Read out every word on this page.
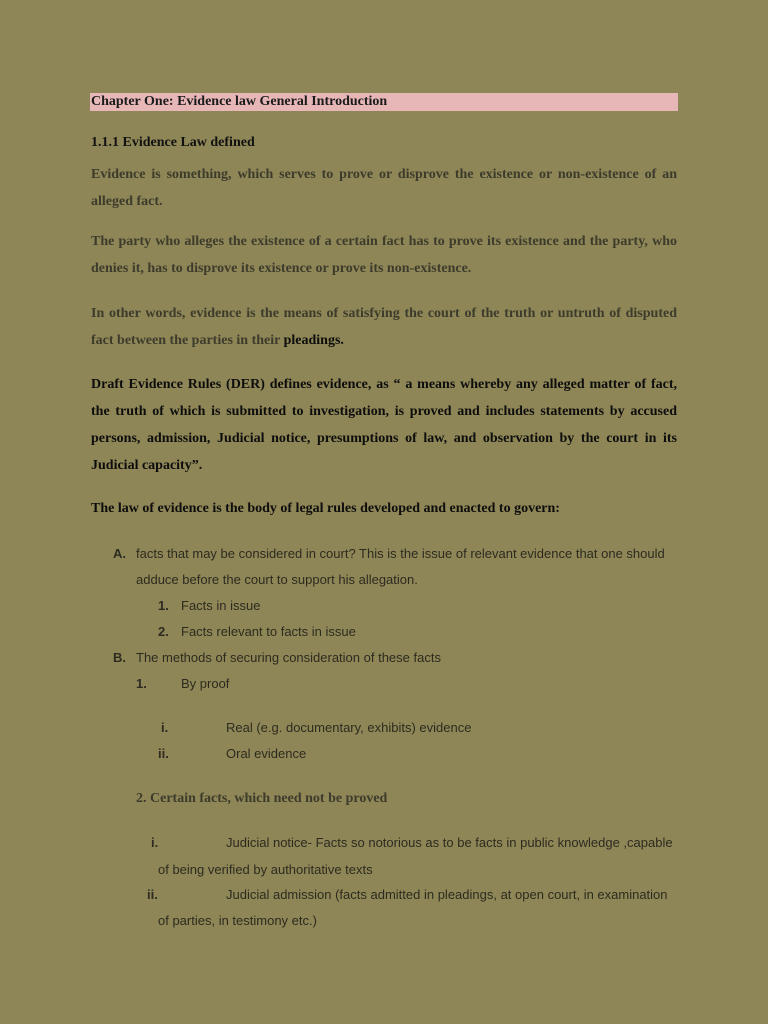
Chapter One: Evidence law General Introduction
1.1.1 Evidence Law defined
Evidence is something, which serves to prove or disprove the existence or non-existence of an alleged fact.
The party who alleges the existence of a certain fact has to prove its existence and the party, who denies it, has to disprove its existence or prove its non-existence.
In other words, evidence is the means of satisfying the court of the truth or untruth of disputed fact between the parties in their pleadings.
Draft Evidence Rules (DER) defines evidence, as “ a means whereby any alleged matter of fact, the truth of which is submitted to investigation, is proved and includes statements by accused persons, admission, Judicial notice, presumptions of law, and observation by the court in its Judicial capacity”.
The law of evidence is the body of legal rules developed and enacted to govern:
A. facts that may be considered in court? This is the issue of relevant evidence that one should
adduce before the court to support his allegation.
1. Facts in issue
2. Facts relevant to facts in issue
B. The methods of securing consideration of these facts
1.	By proof
i.	Real (e.g. documentary, exhibits) evidence
ii.	Oral evidence
2. Certain facts, which need not be proved
i.	Judicial notice- Facts so notorious as to be facts in public knowledge ,capable
of being verified by authoritative texts
ii.	Judicial admission (facts admitted in pleadings, at open court, in examination
of parties, in testimony etc.)
